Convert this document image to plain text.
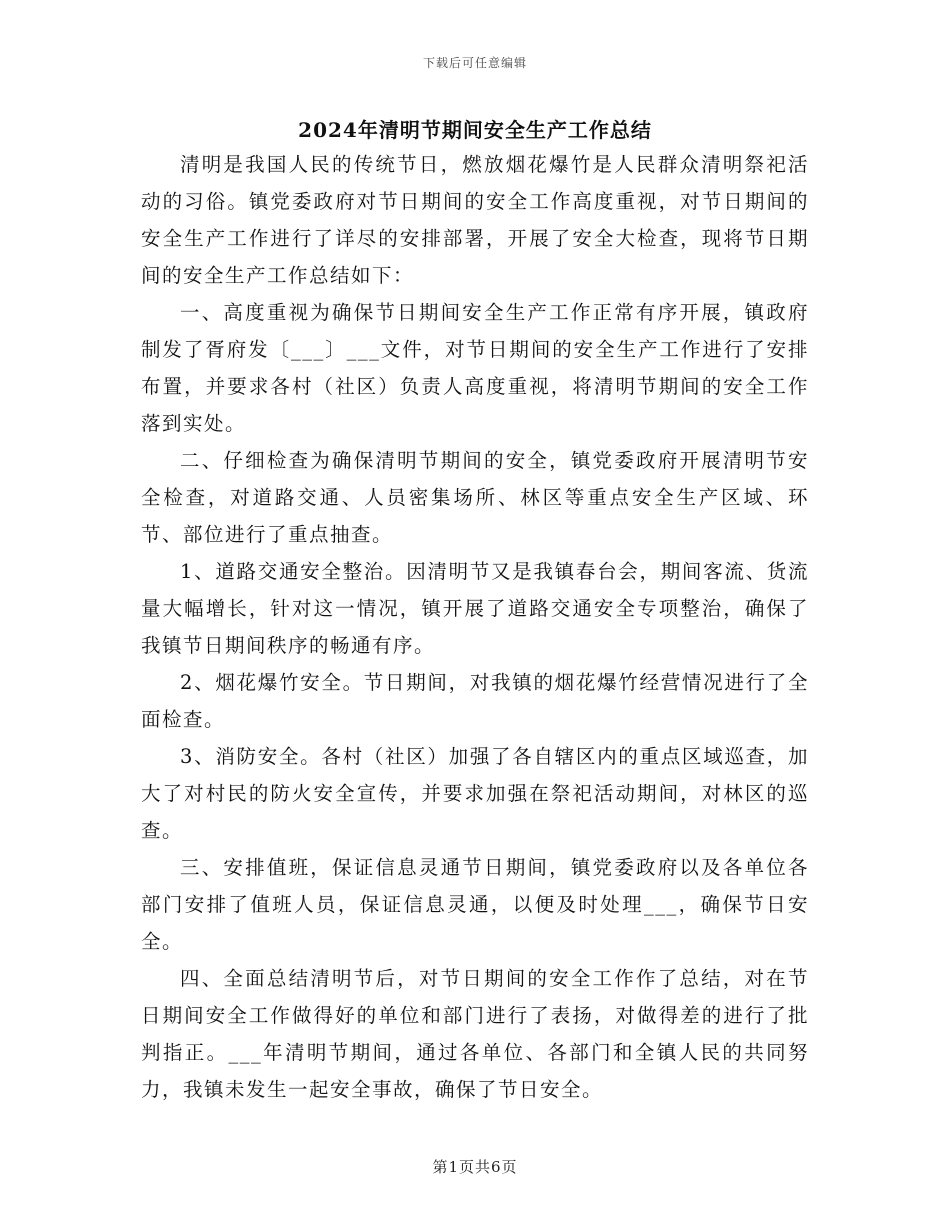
下载后可任意编辑
2024年清明节期间安全生产工作总结

清明是我国人民的传统节日，燃放烟花爆竹是人民群众清明祭祀活动的习俗。镇党委政府对节日期间的安全工作高度重视，对节日期间的安全生产工作进行了详尽的安排部署，开展了安全大检查，现将节日期间的安全生产工作总结如下：

一、高度重视为确保节日期间安全生产工作正常有序开展，镇政府制发了胥府发〔___〕___文件，对节日期间的安全生产工作进行了安排布置，并要求各村（社区）负责人高度重视，将清明节期间的安全工作落到实处。

二、仔细检查为确保清明节期间的安全，镇党委政府开展清明节安全检查，对道路交通、人员密集场所、林区等重点安全生产区域、环节、部位进行了重点抽查。

1、道路交通安全整治。因清明节又是我镇春台会，期间客流、货流量大幅增长，针对这一情况，镇开展了道路交通安全专项整治，确保了我镇节日期间秩序的畅通有序。

2、烟花爆竹安全。节日期间，对我镇的烟花爆竹经营情况进行了全面检查。

3、消防安全。各村（社区）加强了各自辖区内的重点区域巡查，加大了对村民的防火安全宣传，并要求加强在祭祀活动期间，对林区的巡查。

三、安排值班，保证信息灵通节日期间，镇党委政府以及各单位各部门安排了值班人员，保证信息灵通，以便及时处理___，确保节日安全。

四、全面总结清明节后，对节日期间的安全工作作了总结，对在节日期间安全工作做得好的单位和部门进行了表扬，对做得差的进行了批判指正。___年清明节期间，通过各单位、各部门和全镇人民的共同努力，我镇未发生一起安全事故，确保了节日安全。

第1页共6页
